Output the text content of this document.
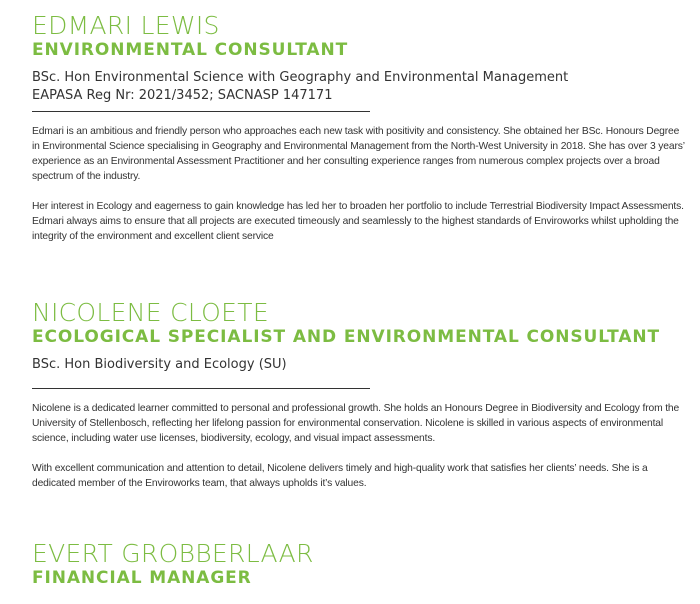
EDMARI LEWIS
ENVIRONMENTAL CONSULTANT
BSc. Hon Environmental Science with Geography and Environmental Management
EAPASA Reg Nr: 2021/3452; SACNASP 147171

Edmari is an ambitious and friendly person who approaches each new task with positivity and consistency. She obtained her BSc. Honours Degree in Environmental Science specialising in Geography and Environmental Management from the North-West University in 2018. She has over 3 years’ experience as an Environmental Assessment Practitioner and her consulting experience ranges from numerous complex projects over a broad spectrum of the industry.

Her interest in Ecology and eagerness to gain knowledge has led her to broaden her portfolio to include Terrestrial Biodiversity Impact Assessments. Edmari always aims to ensure that all projects are executed timeously and seamlessly to the highest standards of Enviroworks whilst upholding the integrity of the environment and excellent client service

NICOLENE CLOETE
ECOLOGICAL SPECIALIST AND ENVIRONMENTAL CONSULTANT
BSc. Hon Biodiversity and Ecology (SU)

Nicolene is a dedicated learner committed to personal and professional growth. She holds an Honours Degree in Biodiversity and Ecology from the University of Stellenbosch, reflecting her lifelong passion for environmental conservation. Nicolene is skilled in various aspects of environmental science, including water use licenses, biodiversity, ecology, and visual impact assessments.

With excellent communication and attention to detail, Nicolene delivers timely and high-quality work that satisfies her clients’ needs. She is a dedicated member of the Enviroworks team, that always upholds it’s values.

EVERT GROBBERLAAR
FINANCIAL MANAGER
